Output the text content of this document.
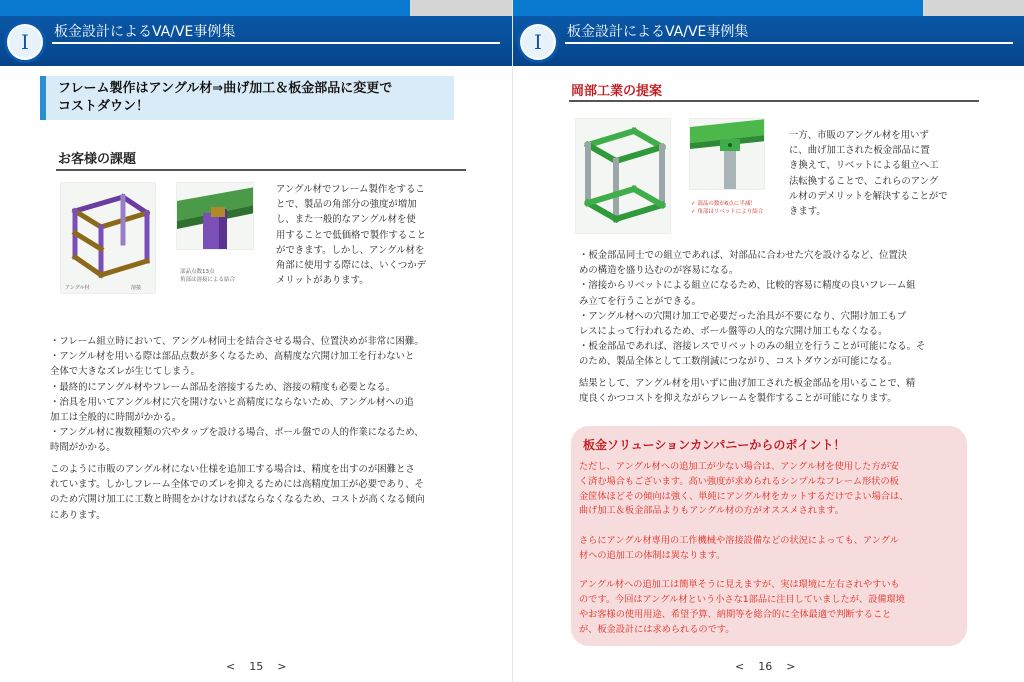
板金設計によるVA/VE事例集
I
フレーム製作はアングル材⇒曲げ加工＆板金部品に変更で
コストダウン！
お客様の課題
アングル材	溶接
部品点数13点
角部は溶接による結合

アングル材でフレーム製作をするこ

とで、製品の角部分の強度が増加

し、また一般的なアングル材を使

用することで低価格で製作すること

ができます。しかし、アングル材を

角部に使用する際には、いくつかデ

メリットがあります。

・フレーム組立時において、アングル材同士を結合させる場合、位置決めが非常に困難。

・アングル材を用いる際は部品点数が多くなるため、高精度な穴開け加工を行わないと

全体で大きなズレが生じてしまう。

・最終的にアングル材やフレーム部品を溶接するため、溶接の精度も必要となる。

・治具を用いてアングル材に穴を開けないと高精度にならないため、アングル材への追

加工は全般的に時間がかかる。

・アングル材に複数種類の穴やタップを設ける場合、ボール盤での人的作業になるため、

時間がかかる。

このように市販のアングル材にない仕様を追加工する場合は、精度を出すのが困難とさ

れています。しかしフレーム全体でのズレを抑えるためには高精度加工が必要であり、そ

のため穴開け加工に工数と時間をかけなければならなくなるため、コストが高くなる傾向

にあります。

< 15 >
板金設計によるVA/VE事例集
I
岡部工業の提案
✓ 部品の数が6点に半減！
✓ 角部はリベットにより結合

一方、市販のアングル材を用いず

に、曲げ加工された板金部品に置

き換えて、リベットによる組立へ工

法転換することで、これらのアング

ル材のデメリットを解決することがで

きます。

・板金部品同士での組立であれば、対部品に合わせた穴を設けるなど、位置決

めの構造を盛り込むのが容易になる。

・溶接からリベットによる組立になるため、比較的容易に精度の良いフレーム組

み立てを行うことができる。

・アングル材への穴開け加工で必要だった治具が不要になり、穴開け加工もプ

レスによって行われるため、ボール盤等の人的な穴開け加工もなくなる。

・板金部品であれば、溶接レスでリベットのみの組立を行うことが可能になる。そ

のため、製品全体として工数削減につながり、コストダウンが可能になる。

結果として、アングル材を用いずに曲げ加工された板金部品を用いることで、精

度良くかつコストを抑えながらフレームを製作することが可能になります。

板金ソリューションカンパニーからのポイント！

ただし、アングル材への追加工が少ない場合は、アングル材を使用した方が安

く済む場合もございます。高い強度が求められるシンプルなフレーム形状の板

金筐体ほどその傾向は強く、単純にアングル材をカットするだけでよい場合は、

曲げ加工＆板金部品よりもアングル材の方がオススメされます。

さらにアングル材専用の工作機械や溶接設備などの状況によっても、アングル

材への追加工の体制は異なります。

アングル材への追加工は簡単そうに見えますが、実は環境に左右されやすいも

のです。今回はアングル材という小さな1部品に注目していましたが、設備環境

やお客様の使用用途、希望予算、納期等を総合的に全体最適で判断すること

が、板金設計には求められるのです。

< 16 >
